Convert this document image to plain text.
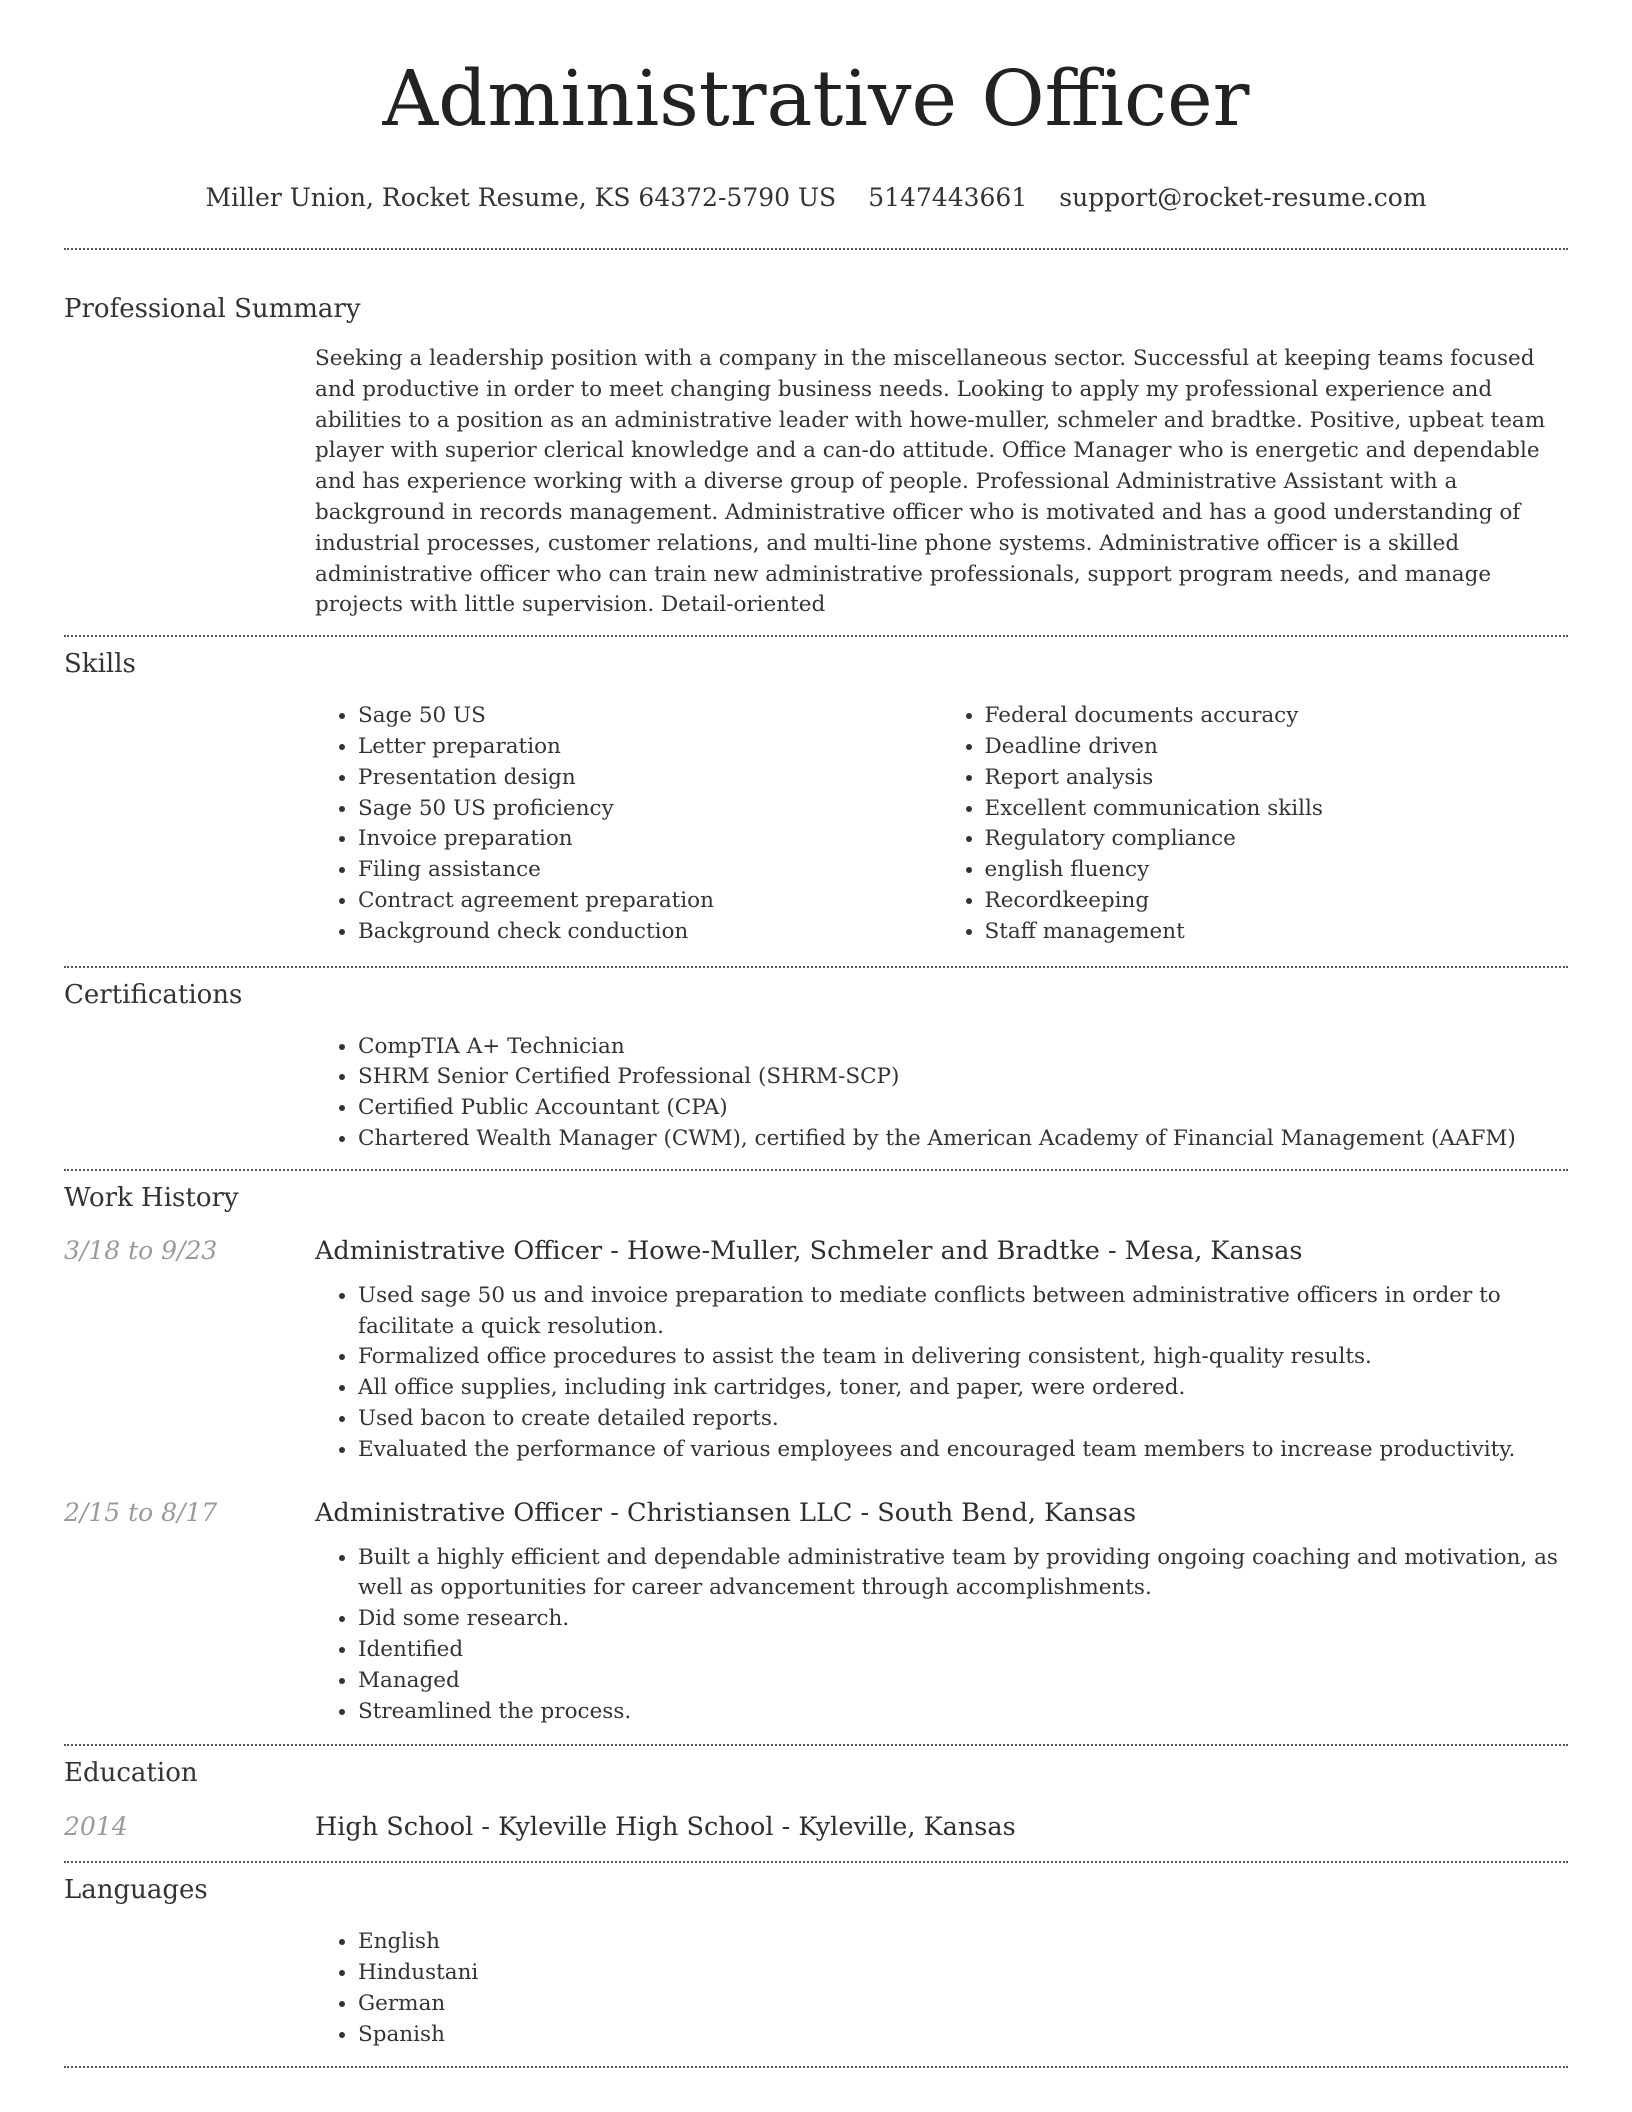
Administrative Officer
Miller Union, Rocket Resume, KS 64372-5790 US 5147443661 support@rocket-resume.com
Professional Summary

Seeking a leadership position with a company in the miscellaneous sector. Successful at keeping teams focused and productive in order to meet changing business needs. Looking to apply my professional experience and abilities to a position as an administrative leader with howe-muller, schmeler and bradtke. Positive, upbeat team player with superior clerical knowledge and a can-do attitude. Office Manager who is energetic and dependable and has experience working with a diverse group of people. Professional Administrative Assistant with a background in records management. Administrative officer who is motivated and has a good understanding of industrial processes, customer relations, and multi-line phone systems. Administrative officer is a skilled administrative officer who can train new administrative professionals, support program needs, and manage projects with little supervision. Detail-oriented

Skills
• Sage 50 US
• Letter preparation
• Presentation design
• Sage 50 US proficiency
• Invoice preparation
• Filing assistance
• Contract agreement preparation
• Background check conduction
• Federal documents accuracy
• Deadline driven
• Report analysis
• Excellent communication skills
• Regulatory compliance
• english fluency
• Recordkeeping
• Staff management
Certifications
• CompTIA A+ Technician
• SHRM Senior Certified Professional (SHRM-SCP)
• Certified Public Accountant (CPA)
• Chartered Wealth Manager (CWM), certified by the American Academy of Financial Management (AAFM)
Work History
3/18 to 9/23	Administrative Officer - Howe-Muller, Schmeler and Bradtke - Mesa, Kansas
• Used sage 50 us and invoice preparation to mediate conflicts between administrative officers in order to facilitate a quick resolution.
• Formalized office procedures to assist the team in delivering consistent, high-quality results.
• All office supplies, including ink cartridges, toner, and paper, were ordered.
• Used bacon to create detailed reports.
• Evaluated the performance of various employees and encouraged team members to increase productivity.
2/15 to 8/17	Administrative Officer - Christiansen LLC - South Bend, Kansas
• Built a highly efficient and dependable administrative team by providing ongoing coaching and motivation, as well as opportunities for career advancement through accomplishments.
• Did some research.
• Identified
• Managed
• Streamlined the process.
Education
2014	High School - Kyleville High School - Kyleville, Kansas
Languages
• English
• Hindustani
• German
• Spanish
